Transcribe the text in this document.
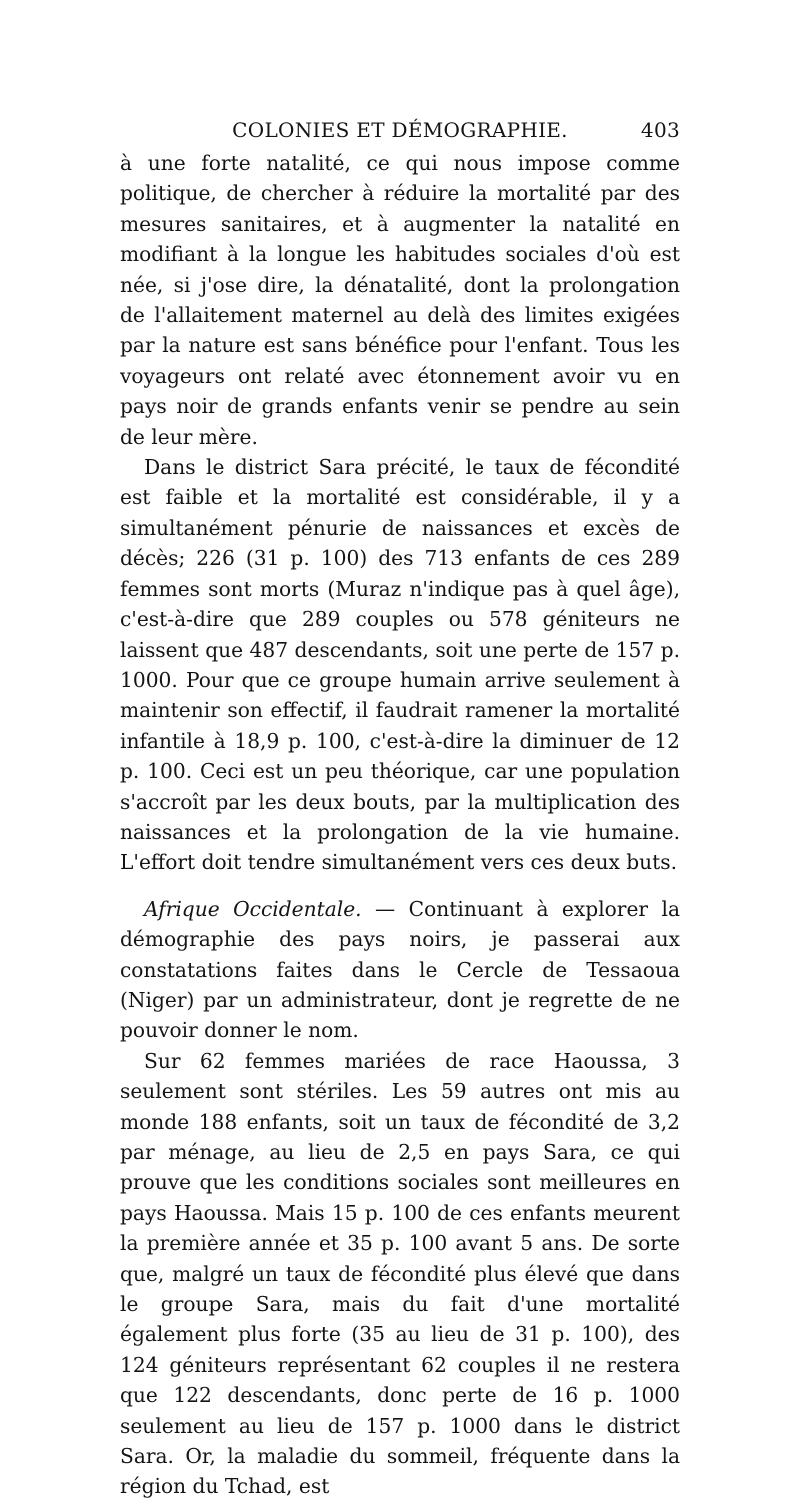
COLONIES ET DÉMOGRAPHIE.	403

à une forte natalité, ce qui nous impose comme politique, de chercher à réduire la mortalité par des mesures sanitaires, et à augmenter la natalité en modifiant à la longue les habitudes sociales d'où est née, si j'ose dire, la dénatalité, dont la prolongation de l'allaitement maternel au delà des limites exigées par la nature est sans bénéfice pour l'enfant. Tous les voyageurs ont relaté avec étonnement avoir vu en pays noir de grands enfants venir se pendre au sein de leur mère.

Dans le district Sara précité, le taux de fécondité est faible et la mortalité est considérable, il y a simultanément pénurie de naissances et excès de décès; 226 (31 p. 100) des 713 enfants de ces 289 femmes sont morts (Muraz n'indique pas à quel âge), c'est-à-dire que 289 couples ou 578 géniteurs ne laissent que 487 descendants, soit une perte de 157 p. 1000. Pour que ce groupe humain arrive seulement à maintenir son effectif, il faudrait ramener la mortalité infantile à 18,9 p. 100, c'est-à-dire la diminuer de 12 p. 100. Ceci est un peu théorique, car une population s'accroît par les deux bouts, par la multiplication des naissances et la prolongation de la vie humaine. L'effort doit tendre simultanément vers ces deux buts.

Afrique Occidentale. — Continuant à explorer la démographie des pays noirs, je passerai aux constatations faites dans le Cercle de Tessaoua (Niger) par un administrateur, dont je regrette de ne pouvoir donner le nom.

Sur 62 femmes mariées de race Haoussa, 3 seulement sont stériles. Les 59 autres ont mis au monde 188 enfants, soit un taux de fécondité de 3,2 par ménage, au lieu de 2,5 en pays Sara, ce qui prouve que les conditions sociales sont meilleures en pays Haoussa. Mais 15 p. 100 de ces enfants meurent la première année et 35 p. 100 avant 5 ans. De sorte que, malgré un taux de fécondité plus élevé que dans le groupe Sara, mais du fait d'une mortalité également plus forte (35 au lieu de 31 p. 100), des 124 géniteurs représentant 62 couples il ne restera que 122 descendants, donc perte de 16 p. 1000 seulement au lieu de 157 p. 1000 dans le district Sara. Or, la maladie du sommeil, fréquente dans la région du Tchad, est
